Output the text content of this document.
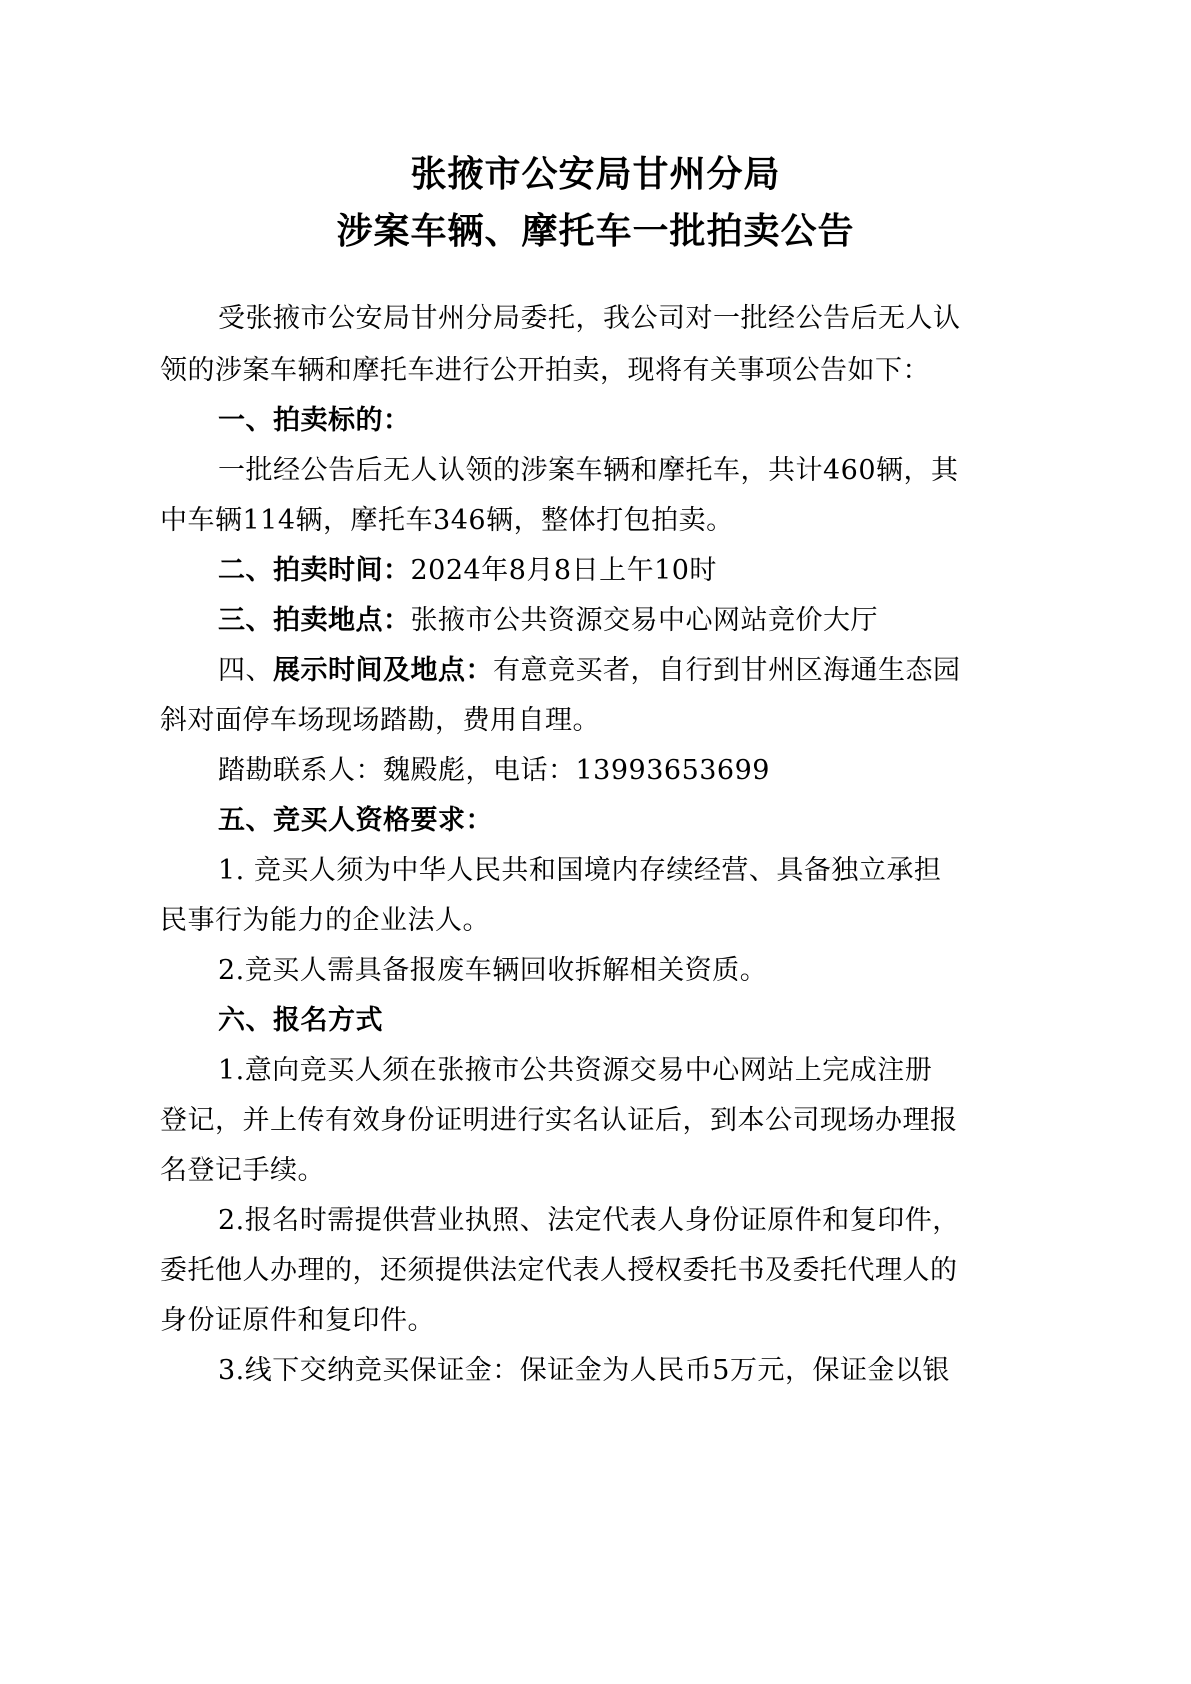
张掖市公安局甘州分局
涉案车辆、摩托车一批拍卖公告
受张掖市公安局甘州分局委托，我公司对一批经公告后无人认
领的涉案车辆和摩托车进行公开拍卖，现将有关事项公告如下：
一、拍卖标的：
一批经公告后无人认领的涉案车辆和摩托车，共计460辆，其
中车辆114辆，摩托车346辆，整体打包拍卖。
二、拍卖时间：2024年8月8日上午10时
三、拍卖地点：张掖市公共资源交易中心网站竞价大厅
四、展示时间及地点：有意竞买者，自行到甘州区海通生态园
斜对面停车场现场踏勘，费用自理。
踏勘联系人：魏殿彪，电话：13993653699
五、竞买人资格要求：
1. 竞买人须为中华人民共和国境内存续经营、具备独立承担
民事行为能力的企业法人。
2.竞买人需具备报废车辆回收拆解相关资质。
六、报名方式
1.意向竞买人须在张掖市公共资源交易中心网站上完成注册
登记，并上传有效身份证明进行实名认证后，到本公司现场办理报
名登记手续。
2.报名时需提供营业执照、法定代表人身份证原件和复印件，
委托他人办理的，还须提供法定代表人授权委托书及委托代理人的
身份证原件和复印件。
3.线下交纳竞买保证金：保证金为人民币5万元，保证金以银
